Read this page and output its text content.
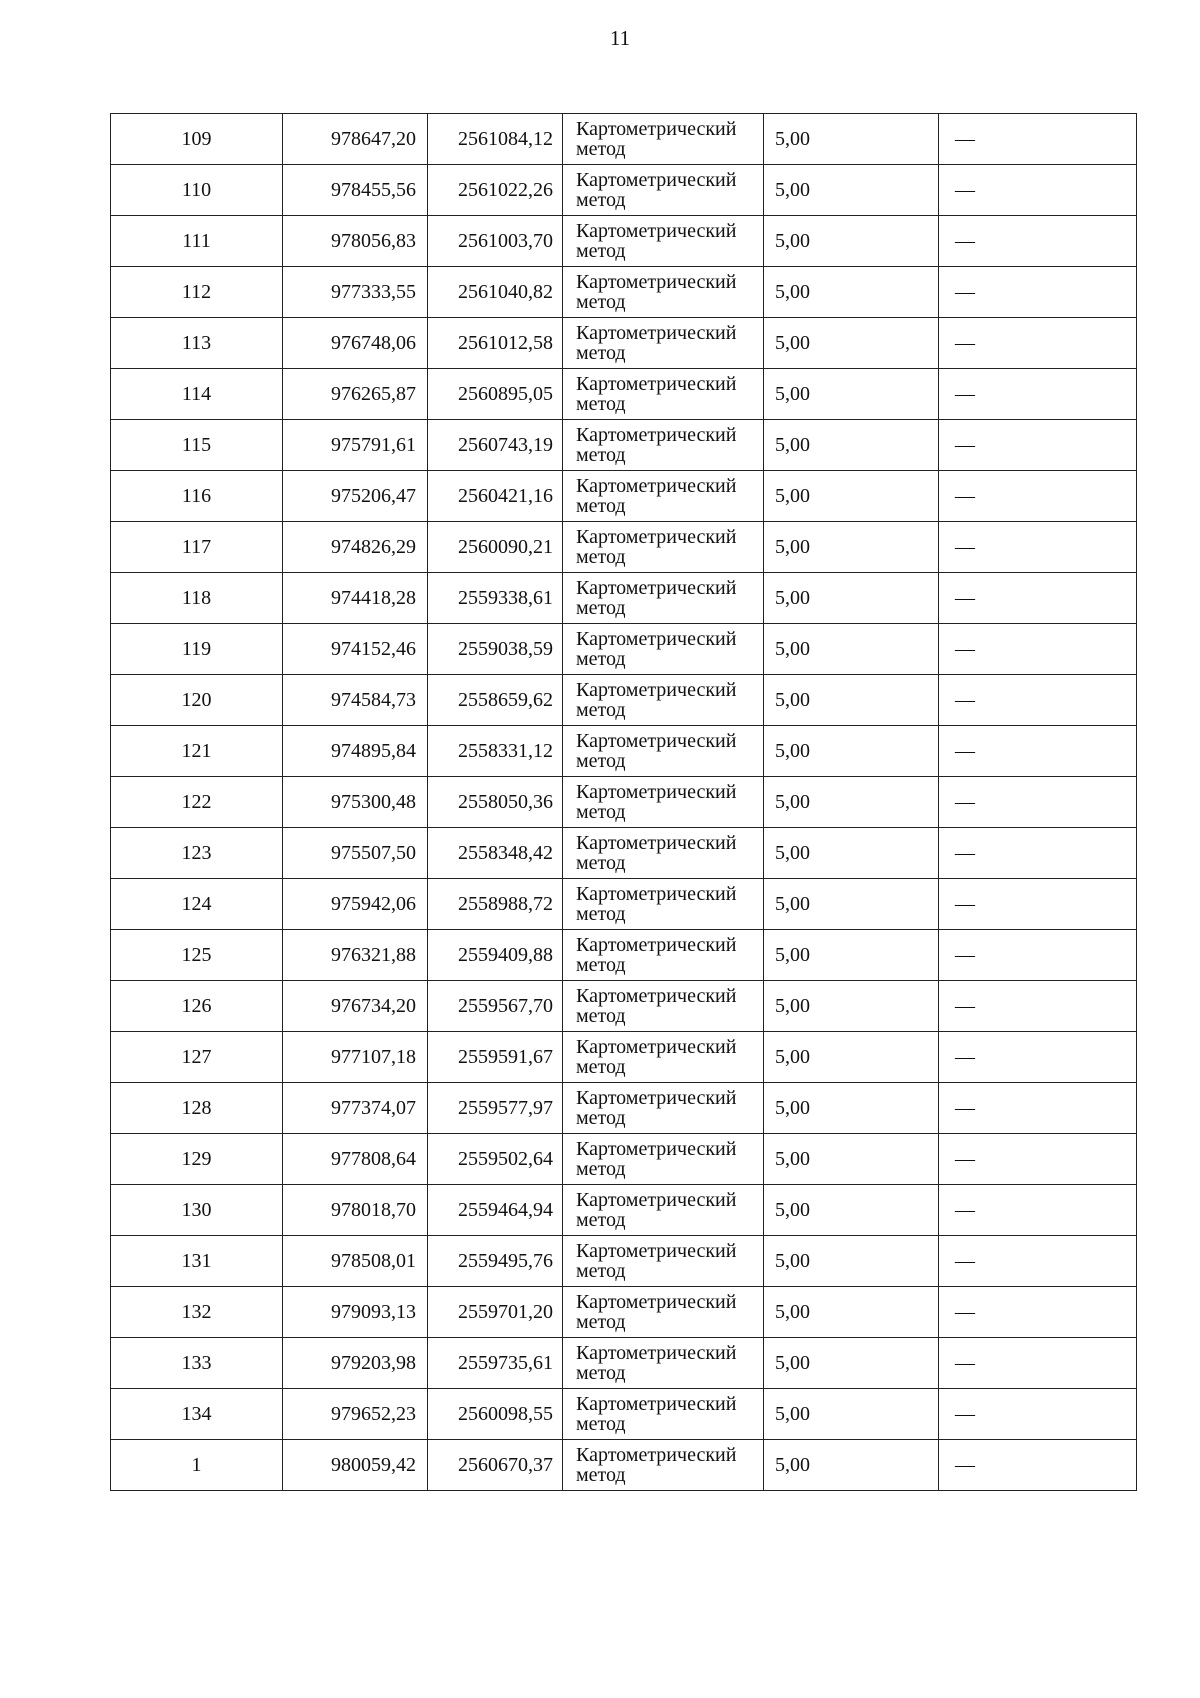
11
109	978647,20	2561084,12	Картометрический
метод	5,00	—
110	978455,56	2561022,26	Картометрический
метод	5,00	—
111	978056,83	2561003,70	Картометрический
метод	5,00	—
112	977333,55	2561040,82	Картометрический
метод	5,00	—
113	976748,06	2561012,58	Картометрический
метод	5,00	—
114	976265,87	2560895,05	Картометрический
метод	5,00	—
115	975791,61	2560743,19	Картометрический
метод	5,00	—
116	975206,47	2560421,16	Картометрический
метод	5,00	—
117	974826,29	2560090,21	Картометрический
метод	5,00	—
118	974418,28	2559338,61	Картометрический
метод	5,00	—
119	974152,46	2559038,59	Картометрический
метод	5,00	—
120	974584,73	2558659,62	Картометрический
метод	5,00	—
121	974895,84	2558331,12	Картометрический
метод	5,00	—
122	975300,48	2558050,36	Картометрический
метод	5,00	—
123	975507,50	2558348,42	Картометрический
метод	5,00	—
124	975942,06	2558988,72	Картометрический
метод	5,00	—
125	976321,88	2559409,88	Картометрический
метод	5,00	—
126	976734,20	2559567,70	Картометрический
метод	5,00	—
127	977107,18	2559591,67	Картометрический
метод	5,00	—
128	977374,07	2559577,97	Картометрический
метод	5,00	—
129	977808,64	2559502,64	Картометрический
метод	5,00	—
130	978018,70	2559464,94	Картометрический
метод	5,00	—
131	978508,01	2559495,76	Картометрический
метод	5,00	—
132	979093,13	2559701,20	Картометрический
метод	5,00	—
133	979203,98	2559735,61	Картометрический
метод	5,00	—
134	979652,23	2560098,55	Картометрический
метод	5,00	—
1	980059,42	2560670,37	Картометрический
метод	5,00	—
